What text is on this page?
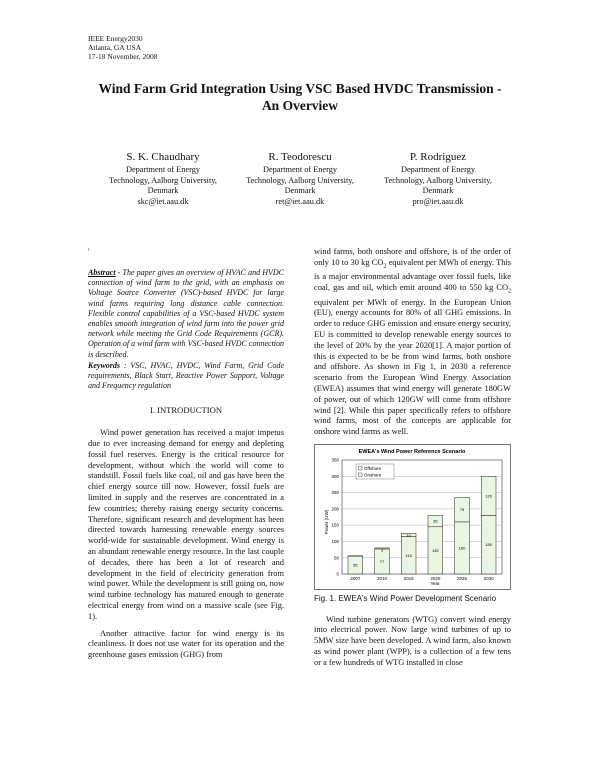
IEEE Energy2030
Atlanta, GA USA
17-18 November, 2008
Wind Farm Grid Integration Using VSC Based HVDC Transmission -
An Overview
S. K. Chaudhary
Department of Energy
Technology, Aalborg University,
Denmark
skc@iet.aau.dk
R. Teodorescu
Department of Energy
Technology, Aalborg University,
Denmark
ret@iet.aau.dk
P. Rodriguez
Department of Energy
Technology, Aalborg University,
Denmark
pro@iet.aau.dk
'

Abstract - The paper gives an overview of HVAC and HVDC connection of wind farm to the grid, with an emphasis on Voltage Source Converter (VSC)-based HVDC for large wind farms requiring long distance cable connection. Flexible control capabilities of a VSC-based HVDC system enables smooth integration of wind farm into the power grid network while meeting the Grid Code Requirements (GCR). Operation of a wind farm with VSC-based HVDC connection is described.

Keywords : VSC, HVAC, HVDC, Wind Farm, Grid Code requirements, Black Start, Reactive Power Support, Voltage and Frequency regulation

I. INTRODUCTION

Wind power generation has received a major impetus due to ever increasing demand for energy and depleting fossil fuel reserves. Energy is the critical resource for development, without which the world will come to standstill. Fossil fuels like coal, oil and gas have been the chief energy source till now. However, fossil fuels are limited in supply and the reserves are concentrated in a few countries; thereby raising energy security concerns. Therefore, significant research and development has been directed towards harnessing renewable energy sources world-wide for sustainable development. Wind energy is an abundant renewable energy resource. In the last couple of decades, there has been a lot of research and development in the field of electricity generation from wind power. While the development is still going on, now wind turbine technology has matured enough to generate electrical energy from wind on a massive scale (see Fig. 1).

Another attractive factor for wind energy is its cleanliness. It does not use water for its operation and the greenhouse gases emission (GHG) from

wind farms, both onshore and offshore, is of the order of only 10 to 30 kg $CO_2$ equivalent per MWh of energy. This is a major environmental advantage over fossil fuels, like coal, gas and oil, which emit around 400 to 550 kg $CO_2$ equivalent per MWh of energy. In the European Union (EU), energy accounts for 80% of all GHG emissions. In order to reduce GHG emission and ensure energy security, EU is committed to develop renewable energy sources to the level of 20% by the year 2020[1]. A major portion of this is expected to be be from wind farms, both onshore and offshore. As shown in Fig 1, in 2030 a reference scenario from the European Wind Energy Association (EWEA) assumes that wind energy will generate 180GW of power, out of which 120GW will come from offshore wind [2]. While this paper specifically refers to offshore wind farms, most of the concepts are applicable for onshore wind farms as well.

EWEA's Wind Power Reference Scenario
Power (GW)
Year
0
50
100
150
200
250
300
350
55
77
3
115
10
145
35
160
75
180
120
2007	2010	2015	2020	2025	2030
Offshore
Onshore
Fig. 1. EWEA's Wind Power Development Scenario

Wind turbine generators (WTG) convert wind energy into electrical power. Now large wind turbines of up to 5MW size have been developed. A wind farm, also known as wind power plant (WPP), is a collection of a few tens or a few hundreds of WTG installed in close
